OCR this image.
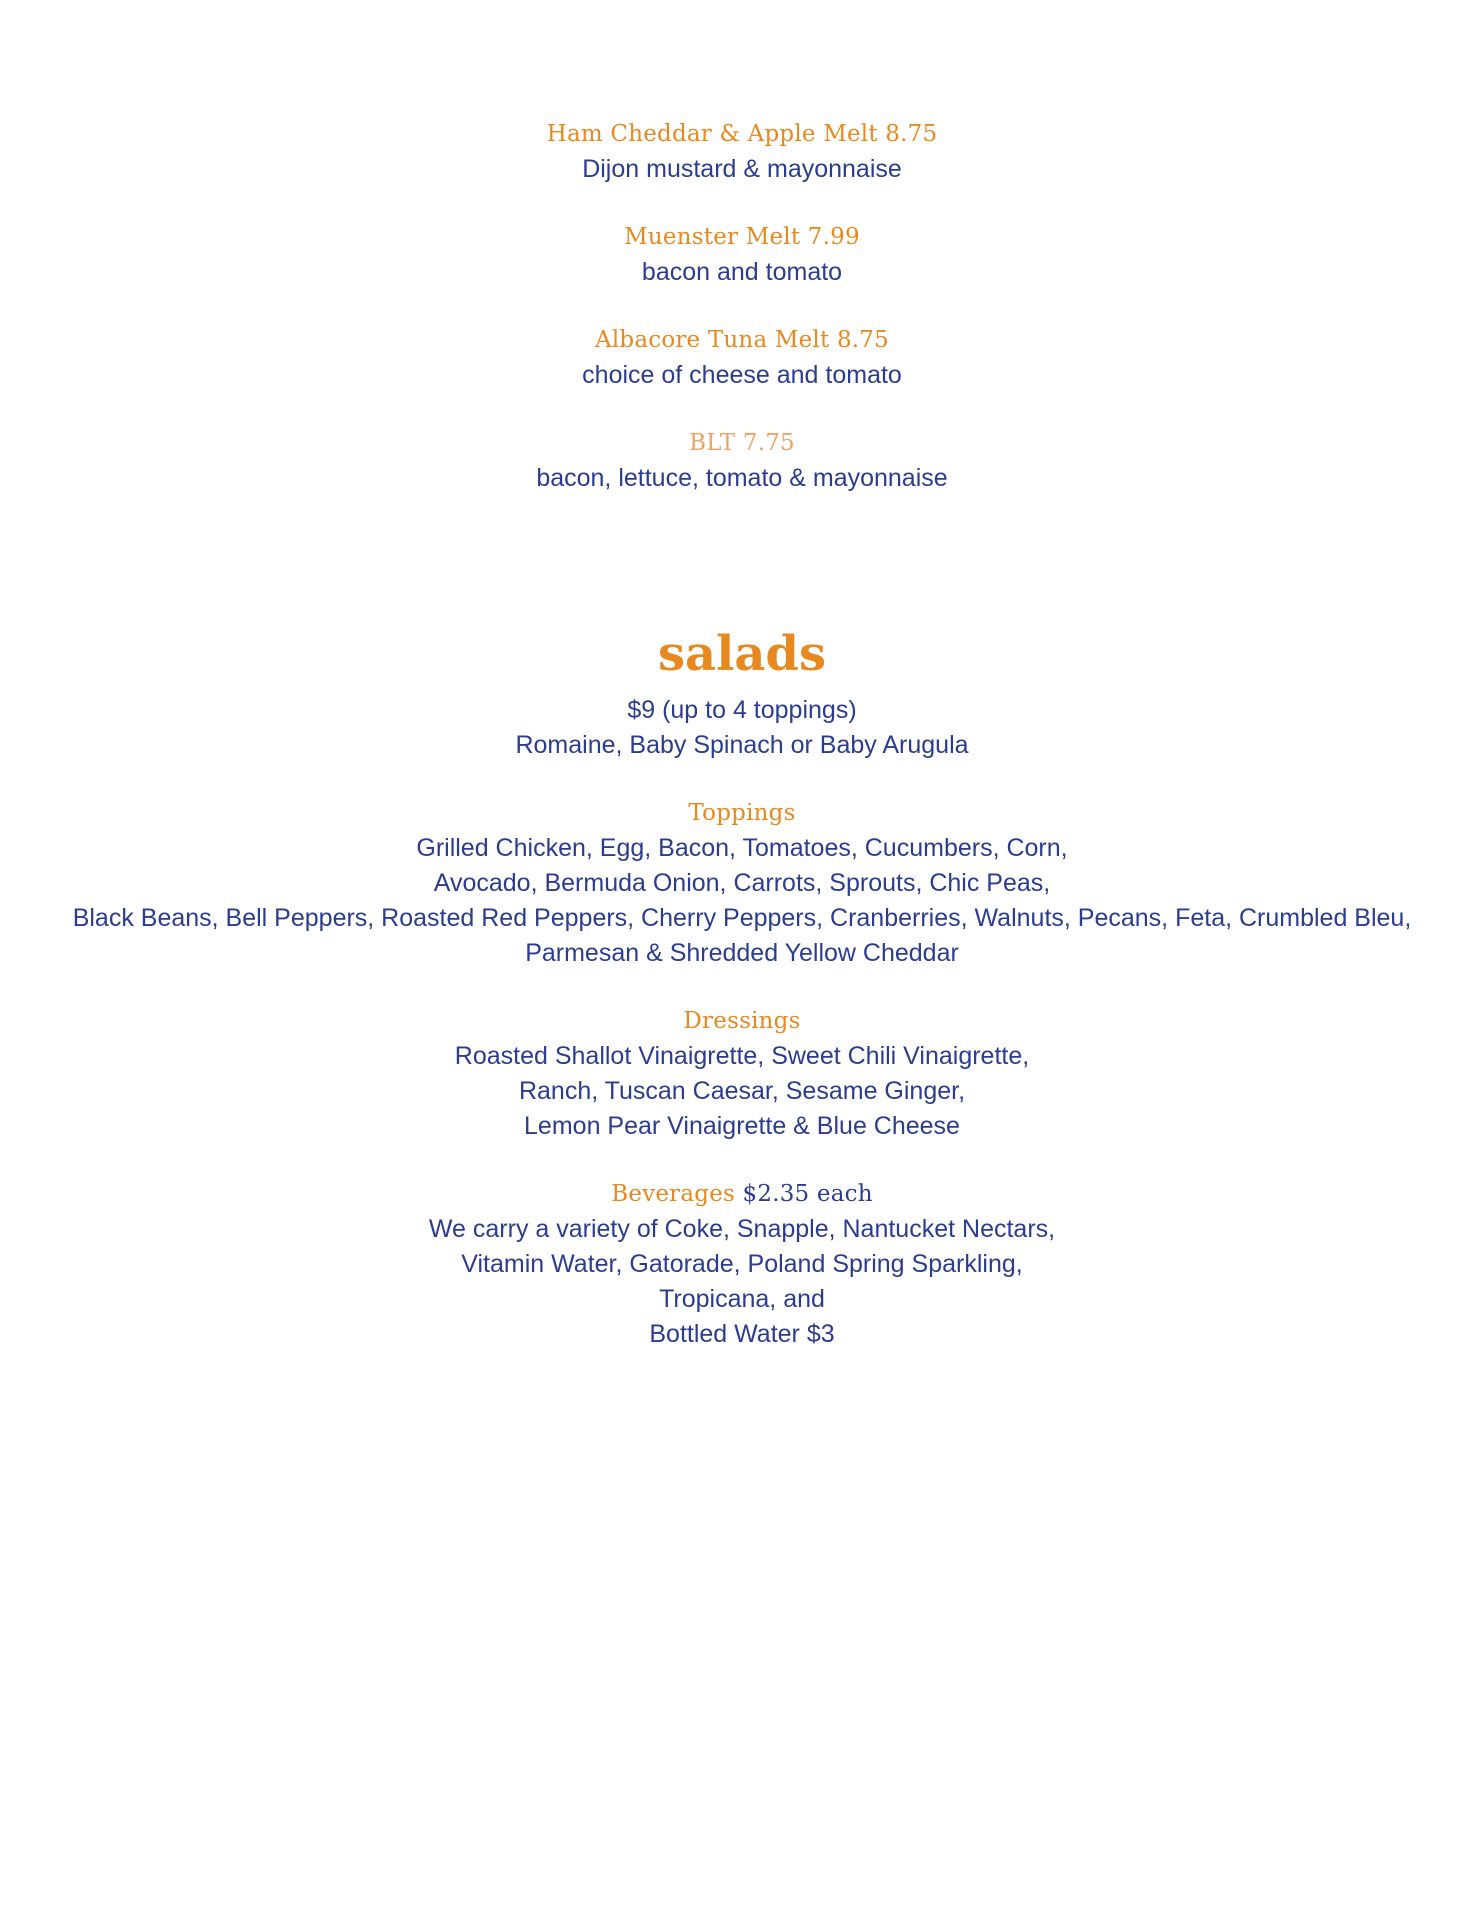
Ham Cheddar & Apple Melt 8.75

Dijon mustard & mayonnaise

Muenster Melt 7.99

bacon and tomato

Albacore Tuna Melt 8.75

choice of cheese and tomato

BLT 7.75

bacon, lettuce, tomato & mayonnaise

salads

$9 (up to 4 toppings)

Romaine, Baby Spinach or Baby Arugula

Toppings

Grilled Chicken, Egg, Bacon, Tomatoes, Cucumbers, Corn,

Avocado, Bermuda Onion, Carrots, Sprouts, Chic Peas,

Black Beans, Bell Peppers, Roasted Red Peppers, Cherry Peppers, Cranberries, Walnuts, Pecans, Feta, Crumbled Bleu,

Parmesan & Shredded Yellow Cheddar

Dressings

Roasted Shallot Vinaigrette, Sweet Chili Vinaigrette,

Ranch, Tuscan Caesar, Sesame Ginger,

Lemon Pear Vinaigrette & Blue Cheese

Beverages $2.35 each

We carry a variety of Coke, Snapple, Nantucket Nectars,

Vitamin Water, Gatorade, Poland Spring Sparkling,

Tropicana, and

Bottled Water $3
